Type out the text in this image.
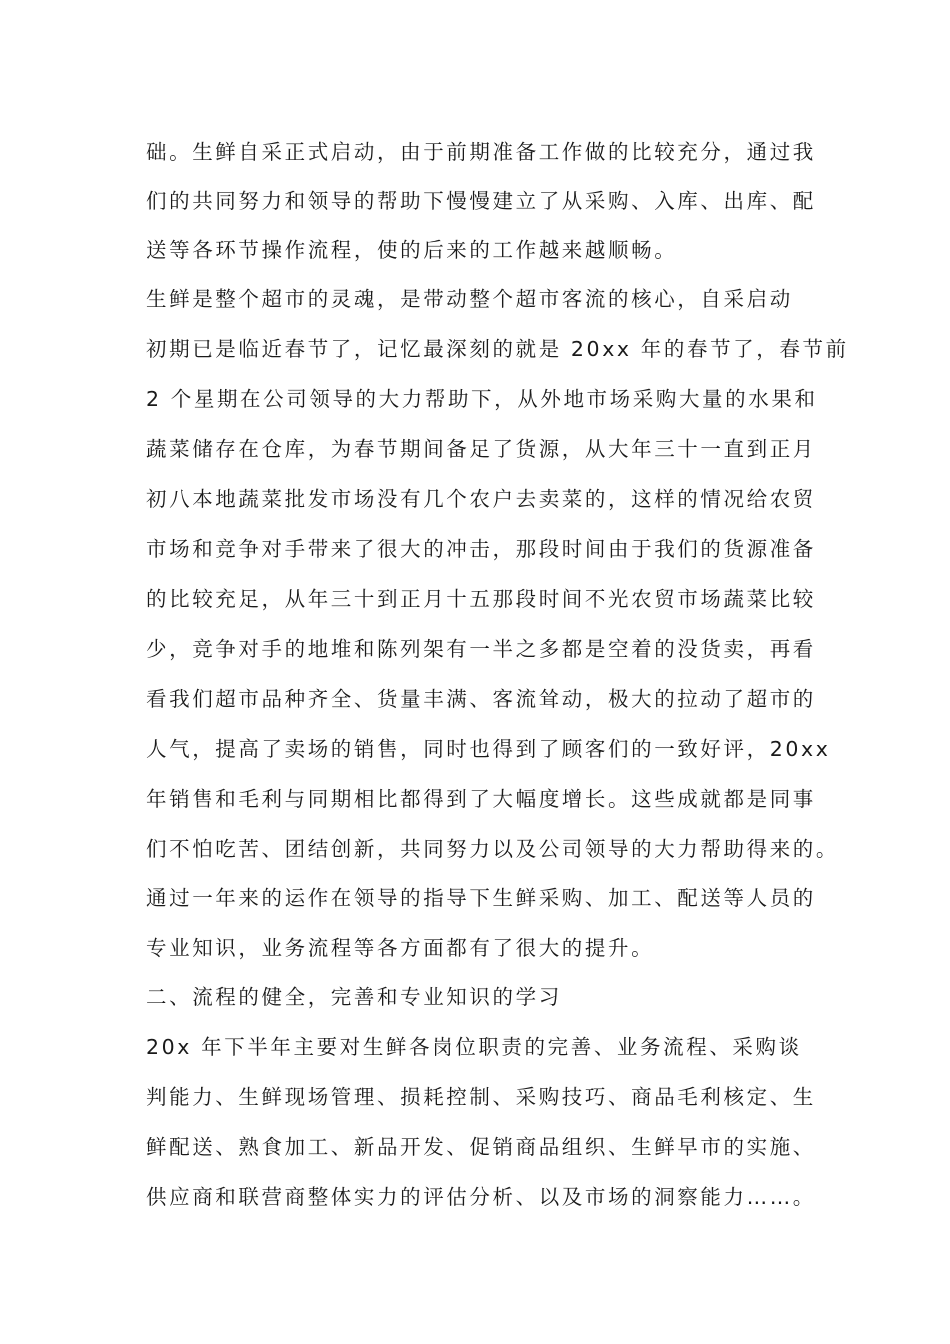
础。生鲜自采正式启动，由于前期准备工作做的比较充分，通过我

们的共同努力和领导的帮助下慢慢建立了从采购、入库、出库、配

送等各环节操作流程，使的后来的工作越来越顺畅。

生鲜是整个超市的灵魂，是带动整个超市客流的核心，自采启动

初期已是临近春节了，记忆最深刻的就是 20xx 年的春节了，春节前

2 个星期在公司领导的大力帮助下，从外地市场采购大量的水果和

蔬菜储存在仓库，为春节期间备足了货源，从大年三十一直到正月

初八本地蔬菜批发市场没有几个农户去卖菜的，这样的情况给农贸

市场和竞争对手带来了很大的冲击，那段时间由于我们的货源准备

的比较充足，从年三十到正月十五那段时间不光农贸市场蔬菜比较

少，竞争对手的地堆和陈列架有一半之多都是空着的没货卖，再看

看我们超市品种齐全、货量丰满、客流耸动，极大的拉动了超市的

人气，提高了卖场的销售，同时也得到了顾客们的一致好评，20xx

年销售和毛利与同期相比都得到了大幅度增长。这些成就都是同事

们不怕吃苦、团结创新，共同努力以及公司领导的大力帮助得来的。

通过一年来的运作在领导的指导下生鲜采购、加工、配送等人员的

专业知识，业务流程等各方面都有了很大的提升。

二、流程的健全，完善和专业知识的学习

20x 年下半年主要对生鲜各岗位职责的完善、业务流程、采购谈

判能力、生鲜现场管理、损耗控制、采购技巧、商品毛利核定、生

鲜配送、熟食加工、新品开发、促销商品组织、生鲜早市的实施、

供应商和联营商整体实力的评估分析、以及市场的洞察能力……。
